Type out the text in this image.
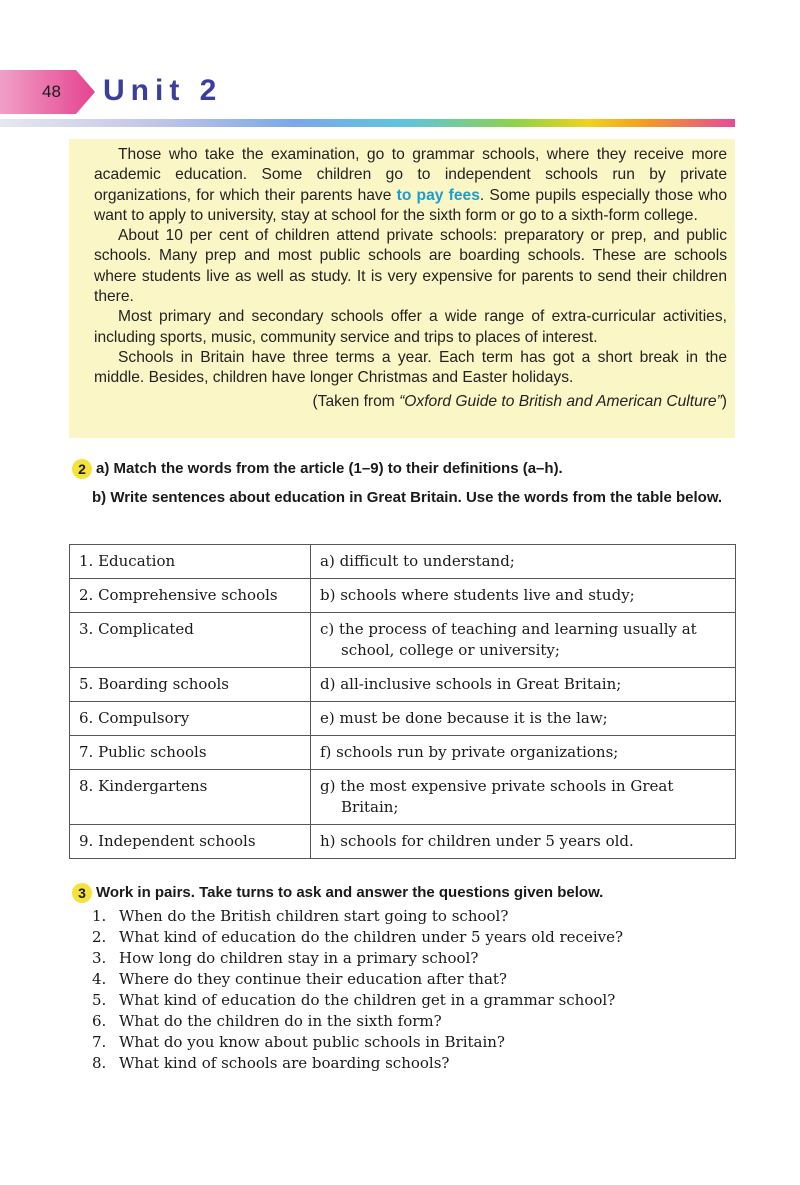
48 Unit 2

Those who take the examination, go to grammar schools, where they receive more academic education. Some children go to independent schools run by private organizations, for which their parents have to pay fees. Some pupils especially those who want to apply to university, stay at school for the sixth form or go to a sixth-form college.

About 10 per cent of children attend private schools: preparatory or prep, and public schools. Many prep and most public schools are boarding schools. These are schools where students live as well as study. It is very expensive for parents to send their children there.

Most primary and secondary schools offer a wide range of extra-curricular activities, including sports, music, community service and trips to places of interest.

Schools in Britain have three terms a year. Each term has got a short break in the middle. Besides, children have longer Christmas and Easter holidays.

(Taken from “Oxford Guide to British and American Culture”)
2 a) Match the words from the article (1–9) to their definitions (a–h).
b) Write sentences about education in Great Britain. Use the words from the table below.
1. Education	a) difficult to understand;

2. Comprehensive schools	b) schools where students live and study;

3. Complicated	c) the process of teaching and learning usually at school, college or university;

5. Boarding schools	d) all-inclusive schools in Great Britain;

6. Compulsory	e) must be done because it is the law;

7. Public schools	f) schools run by private organizations;

8. Kindergartens	g) the most expensive private schools in Great Britain;

9. Independent schools	h) schools for children under 5 years old.
3 Work in pairs. Take turns to ask and answer the questions given below.
1. When do the British children start going to school?
2. What kind of education do the children under 5 years old receive?
3. How long do children stay in a primary school?
4. Where do they continue their education after that?
5. What kind of education do the children get in a grammar school?
6. What do the children do in the sixth form?
7. What do you know about public schools in Britain?
8. What kind of schools are boarding schools?
